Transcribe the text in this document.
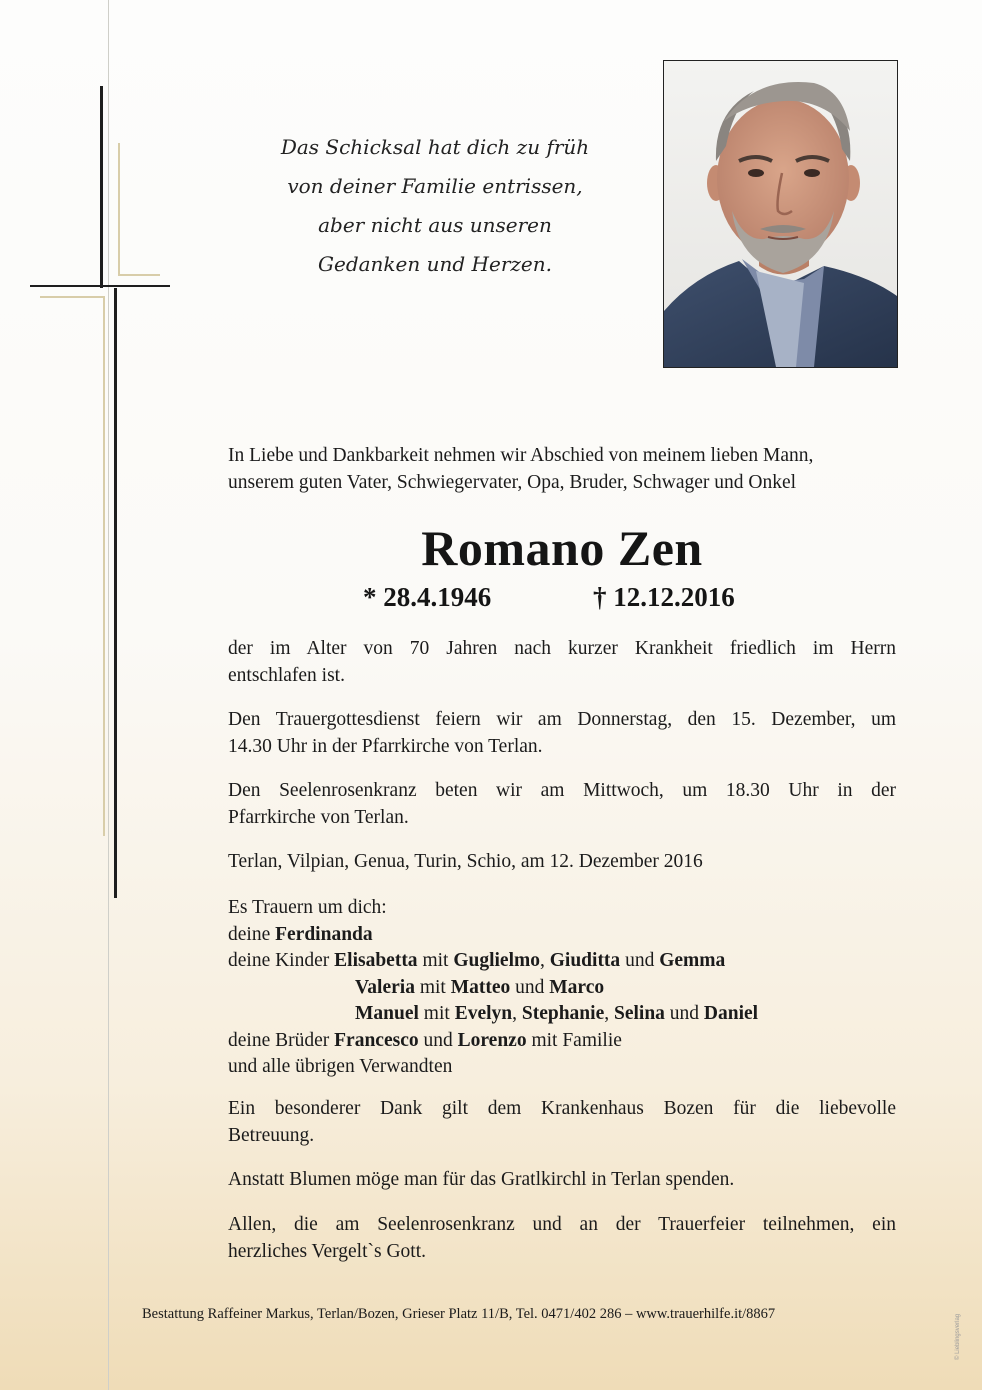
Das Schicksal hat dich zu früh
von deiner Familie entrissen,
aber nicht aus unseren
Gedanken und Herzen.
In Liebe und Dankbarkeit nehmen wir Abschied von meinem lieben Mann,
unserem guten Vater, Schwiegervater, Opa, Bruder, Schwager und Onkel
Romano Zen
* 28.4.1946	† 12.12.2016
der im Alter von 70 Jahren nach kurzer Krankheit friedlich im Herrn
entschlafen ist.
Den Trauergottesdienst feiern wir am Donnerstag, den 15. Dezember, um
14.30 Uhr in der Pfarrkirche von Terlan.
Den Seelenrosenkranz beten wir am Mittwoch, um 18.30 Uhr in der
Pfarrkirche von Terlan.
Terlan, Vilpian, Genua, Turin, Schio, am 12. Dezember 2016
Es Trauern um dich:
deine Ferdinanda
deine Kinder Elisabetta mit Guglielmo, Giuditta und Gemma
Valeria mit Matteo und Marco
Manuel mit Evelyn, Stephanie, Selina und Daniel
deine Brüder Francesco und Lorenzo mit Familie
und alle übrigen Verwandten
Ein besonderer Dank gilt dem Krankenhaus Bozen für die liebevolle
Betreuung.
Anstatt Blumen möge man für das Gratlkirchl in Terlan spenden.
Allen, die am Seelenrosenkranz und an der Trauerfeier teilnehmen, ein
herzliches Vergelt`s Gott.
Bestattung Raffeiner Markus, Terlan/Bozen, Grieser Platz 11/B, Tel. 0471/402 286 – www.trauerhilfe.it/8867	© Lieblingsverlag
